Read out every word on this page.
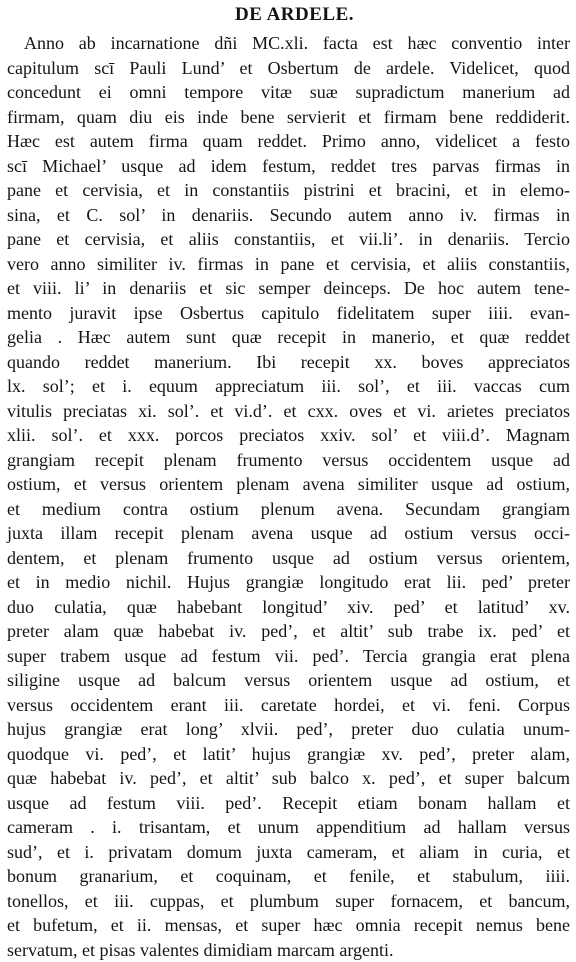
DE ARDELE.
Anno ab incarnatione dñi MC.xli. facta est hæc conventio inter
capitulum scī Pauli Lund’ et Osbertum de ardele. Videlicet, quod
concedunt ei omni tempore vitæ suæ supradictum manerium ad
firmam, quam diu eis inde bene servierit et firmam bene reddiderit.
Hæc est autem firma quam reddet. Primo anno, videlicet a festo
scī Michael’ usque ad idem festum, reddet tres parvas firmas in
pane et cervisia, et in constantiis pistrini et bracini, et in elemo-
sina, et C. sol’ in denariis. Secundo autem anno iv. firmas in
pane et cervisia, et aliis constantiis, et vii.li’. in denariis. Tercio
vero anno similiter iv. firmas in pane et cervisia, et aliis constantiis,
et viii. li’ in denariis et sic semper deinceps. De hoc autem tene-
mento juravit ipse Osbertus capitulo fidelitatem super iiii. evan-
gelia . Hæc autem sunt quæ recepit in manerio, et quæ reddet
quando reddet manerium. Ibi recepit xx. boves appreciatos
lx. sol’; et i. equum appreciatum iii. sol’, et iii. vaccas cum
vitulis preciatas xi. sol’. et vi.d’. et cxx. oves et vi. arietes preciatos
xlii. sol’. et xxx. porcos preciatos xxiv. sol’ et viii.d’. Magnam
grangiam recepit plenam frumento versus occidentem usque ad
ostium, et versus orientem plenam avena similiter usque ad ostium,
et medium contra ostium plenum avena. Secundam grangiam
juxta illam recepit plenam avena usque ad ostium versus occi-
dentem, et plenam frumento usque ad ostium versus orientem,
et in medio nichil. Hujus grangiæ longitudo erat lii. ped’ preter
duo culatia, quæ habebant longitud’ xiv. ped’ et latitud’ xv.
preter alam quæ habebat iv. ped’, et altit’ sub trabe ix. ped’ et
super trabem usque ad festum vii. ped’. Tercia grangia erat plena
siligine usque ad balcum versus orientem usque ad ostium, et
versus occidentem erant iii. caretate hordei, et vi. feni. Corpus
hujus grangiæ erat long’ xlvii. ped’, preter duo culatia unum-
quodque vi. ped’, et latit’ hujus grangiæ xv. ped’, preter alam,
quæ habebat iv. ped’, et altit’ sub balco x. ped’, et super balcum
usque ad festum viii. ped’. Recepit etiam bonam hallam et
cameram . i. trisantam, et unum appenditium ad hallam versus
sud’, et i. privatam domum juxta cameram, et aliam in curia, et
bonum granarium, et coquinam, et fenile, et stabulum, iiii.
tonellos, et iii. cuppas, et plumbum super fornacem, et bancum,
et bufetum, et ii. mensas, et super hæc omnia recepit nemus bene
servatum, et pisas valentes dimidiam marcam argenti.
